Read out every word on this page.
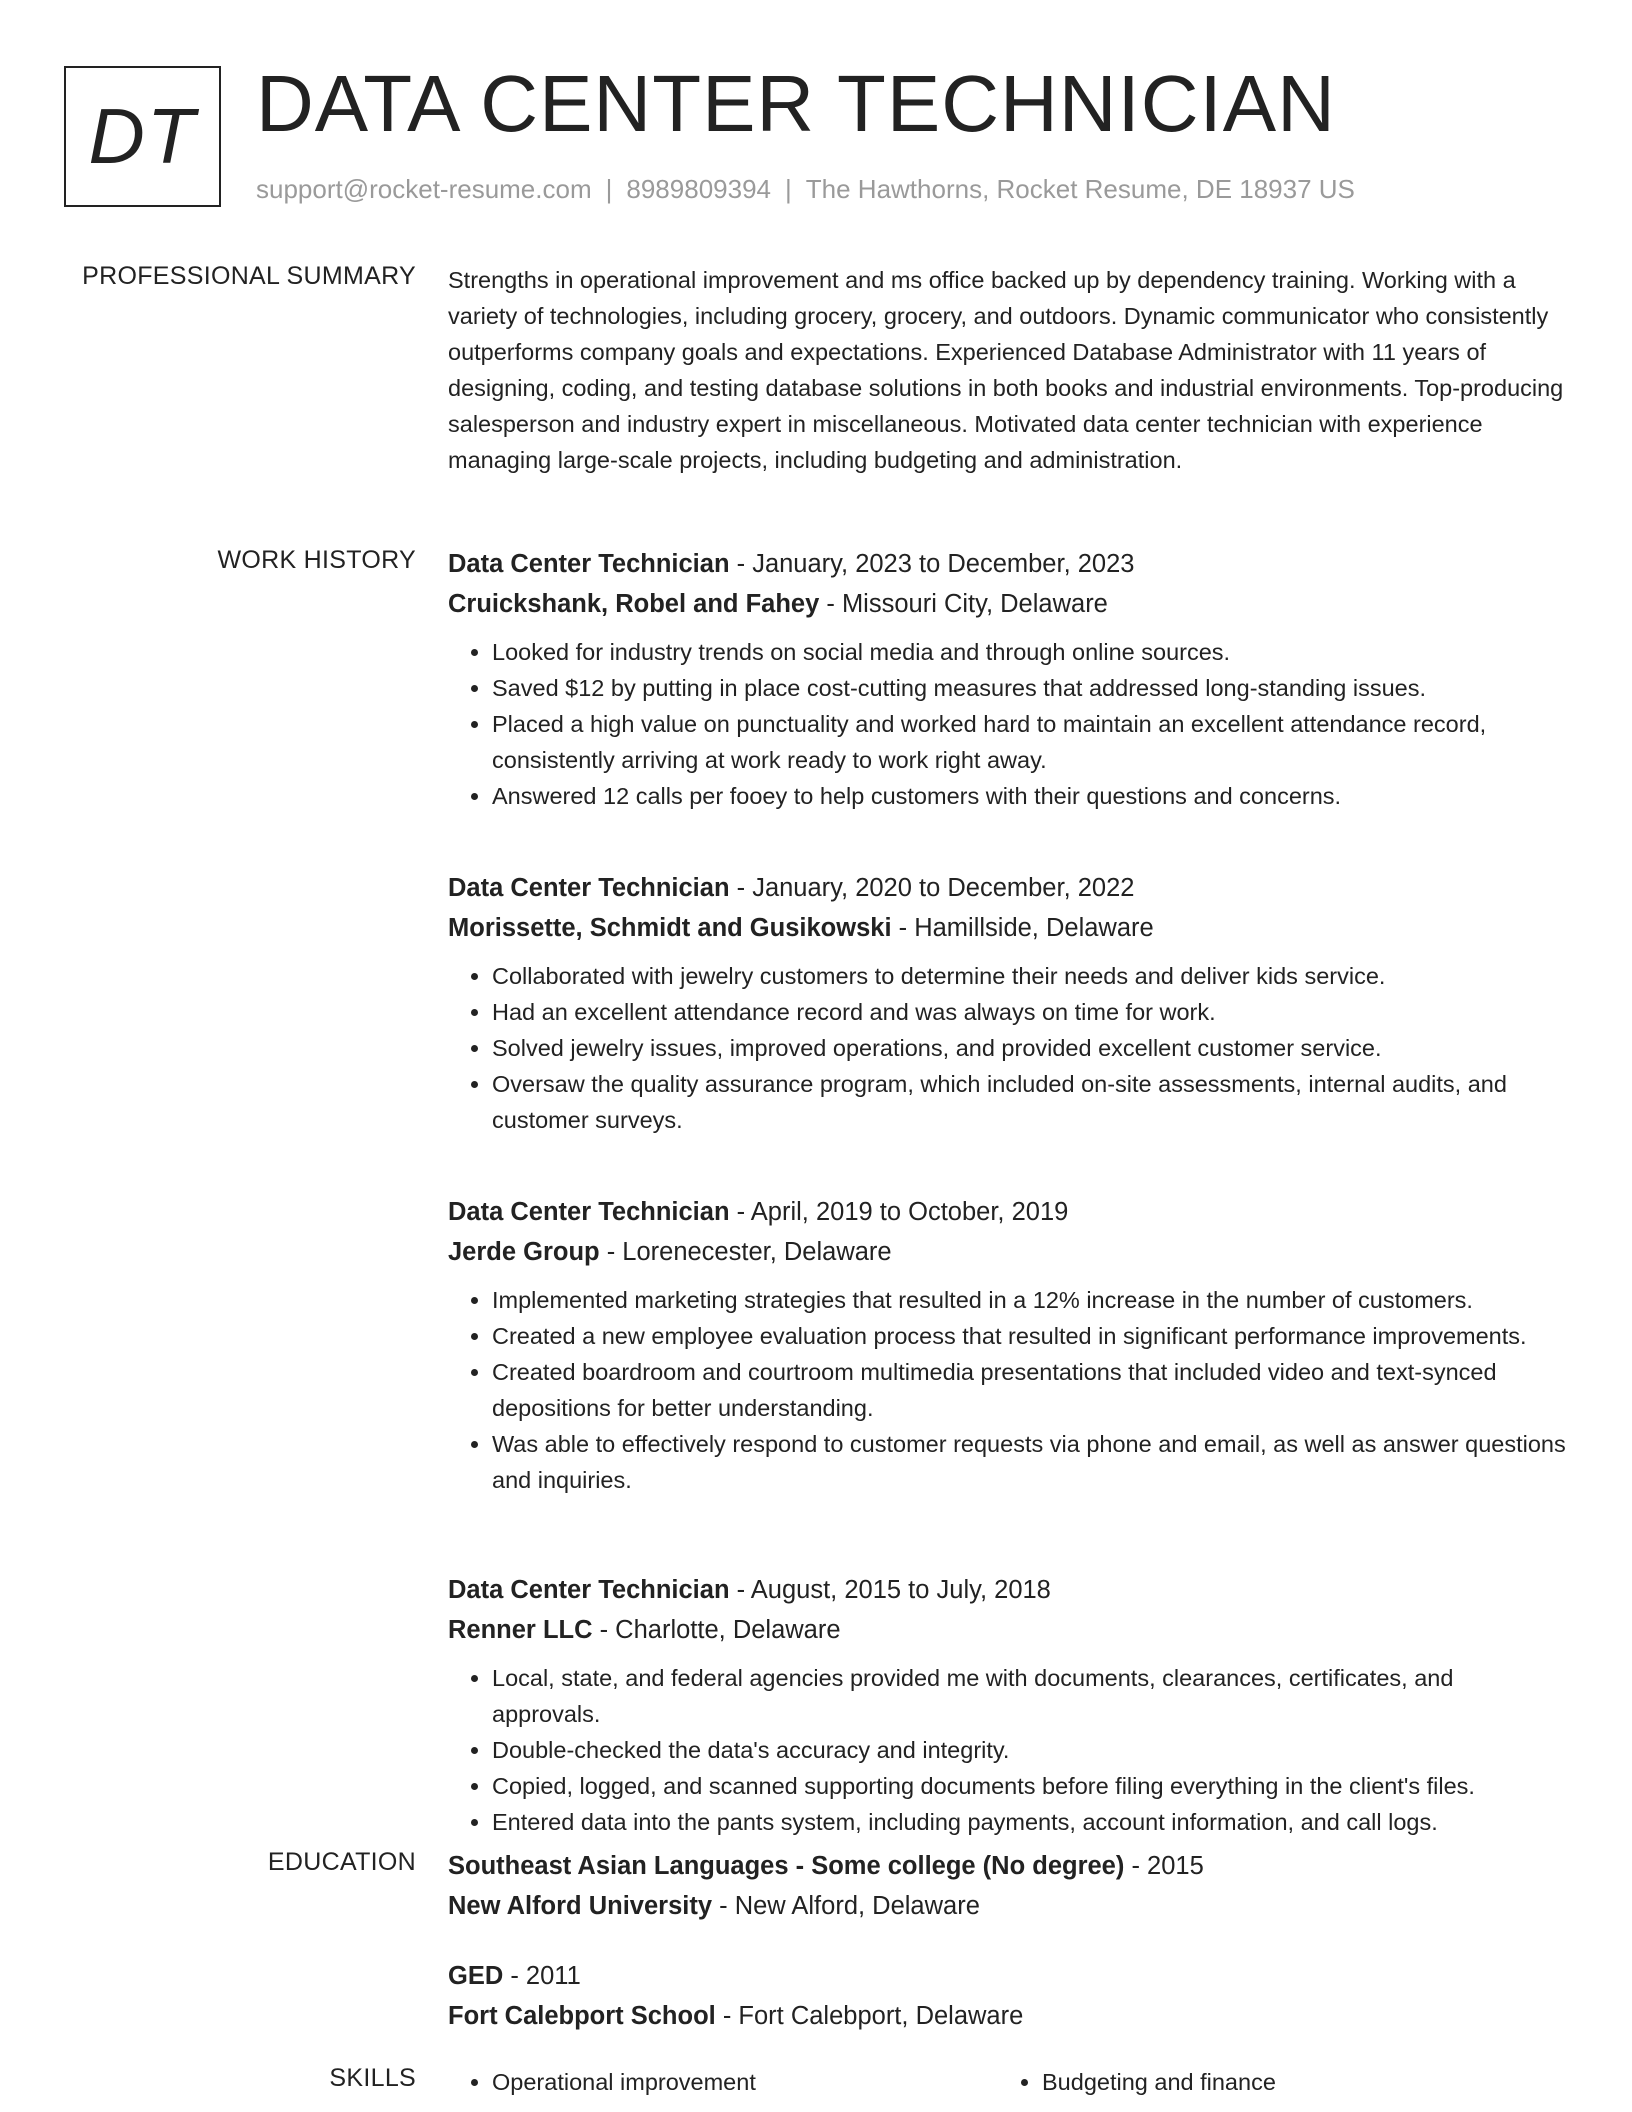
DT DATA CENTER TECHNICIAN
support@rocket-resume.com | 8989809394 | The Hawthorns, Rocket Resume, DE 18937 US
PROFESSIONAL SUMMARY Strengths in operational improvement and ms office backed up by dependency training. Working with a variety of technologies, including grocery, grocery, and outdoors. Dynamic communicator who consistently outperforms company goals and expectations. Experienced Database Administrator with 11 years of designing, coding, and testing database solutions in both books and industrial environments. Top-producing salesperson and industry expert in miscellaneous. Motivated data center technician with experience managing large-scale projects, including budgeting and administration.

WORK HISTORY Data Center Technician - January, 2023 to December, 2023
Cruickshank, Robel and Fahey - Missouri City, Delaware
• Looked for industry trends on social media and through online sources.
• Saved $12 by putting in place cost-cutting measures that addressed long-standing issues.
• Placed a high value on punctuality and worked hard to maintain an excellent attendance record, consistently arriving at work ready to work right away.
• Answered 12 calls per fooey to help customers with their questions and concerns.
Data Center Technician - January, 2020 to December, 2022
Morissette, Schmidt and Gusikowski - Hamillside, Delaware
• Collaborated with jewelry customers to determine their needs and deliver kids service.
• Had an excellent attendance record and was always on time for work.
• Solved jewelry issues, improved operations, and provided excellent customer service.
• Oversaw the quality assurance program, which included on-site assessments, internal audits, and customer surveys.
Data Center Technician - April, 2019 to October, 2019
Jerde Group - Lorenecester, Delaware
• Implemented marketing strategies that resulted in a 12% increase in the number of customers.
• Created a new employee evaluation process that resulted in significant performance improvements.
• Created boardroom and courtroom multimedia presentations that included video and text-synced depositions for better understanding.
• Was able to effectively respond to customer requests via phone and email, as well as answer questions and inquiries.
Data Center Technician - August, 2015 to July, 2018
Renner LLC - Charlotte, Delaware
• Local, state, and federal agencies provided me with documents, clearances, certificates, and approvals.
• Double-checked the data's accuracy and integrity.
• Copied, logged, and scanned supporting documents before filing everything in the client's files.
• Entered data into the pants system, including payments, account information, and call logs.
EDUCATION Southeast Asian Languages - Some college (No degree) - 2015
New Alford University - New Alford, Delaware
GED - 2011
Fort Calebport School - Fort Calebport, Delaware
SKILLS	• Operational improvement	• Budgeting and finance
